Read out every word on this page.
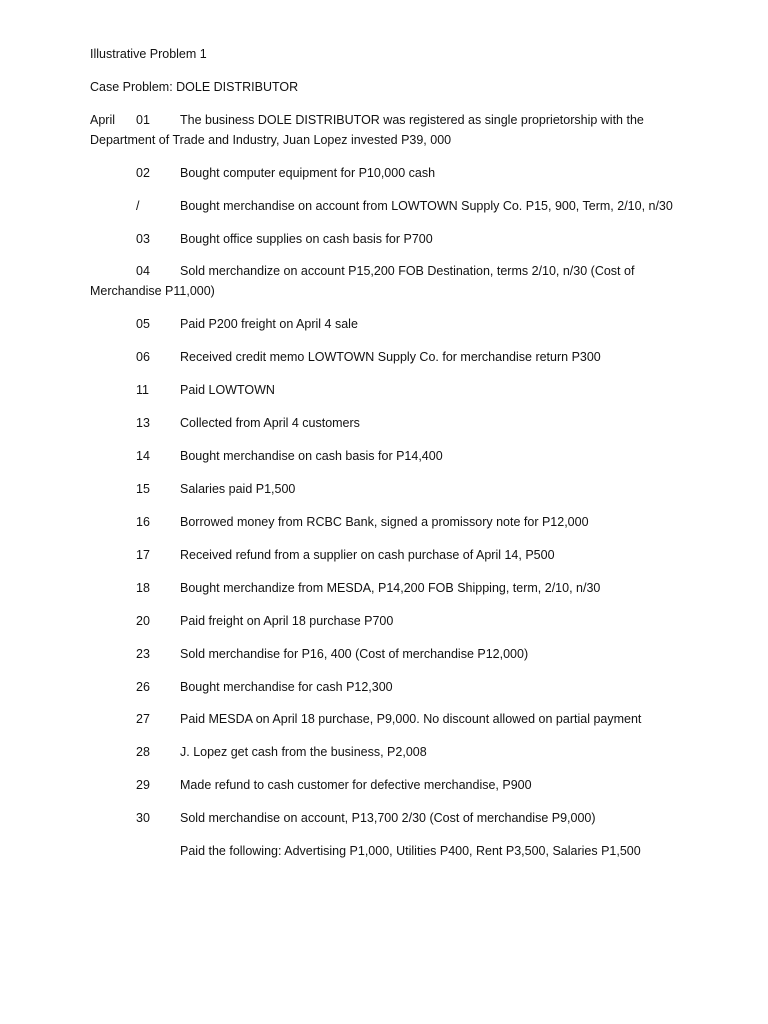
Illustrative Problem 1
Case Problem: DOLE DISTRIBUTOR
April 01	The business DOLE DISTRIBUTOR was registered as single proprietorship with the
Department of Trade and Industry, Juan Lopez invested P39, 000
02	Bought computer equipment for P10,000 cash
/	Bought merchandise on account from LOWTOWN Supply Co. P15, 900, Term, 2/10, n/30
03	Bought office supplies on cash basis for P700
04	Sold merchandize on account P15,200 FOB Destination, terms 2/10, n/30 (Cost of
Merchandise P11,000)
05	Paid P200 freight on April 4 sale
06	Received credit memo LOWTOWN Supply Co. for merchandise return P300
11	Paid LOWTOWN
13	Collected from April 4 customers
14	Bought merchandise on cash basis for P14,400
15	Salaries paid P1,500
16	Borrowed money from RCBC Bank, signed a promissory note for P12,000
17	Received refund from a supplier on cash purchase of April 14, P500
18	Bought merchandize from MESDA, P14,200 FOB Shipping, term, 2/10, n/30
20	Paid freight on April 18 purchase P700
23	Sold merchandise for P16, 400 (Cost of merchandise P12,000)
26	Bought merchandise for cash P12,300
27	Paid MESDA on April 18 purchase, P9,000. No discount allowed on partial payment
28	J. Lopez get cash from the business, P2,008
29	Made refund to cash customer for defective merchandise, P900
30	Sold merchandise on account, P13,700 2/30 (Cost of merchandise P9,000)
Paid the following: Advertising P1,000, Utilities P400, Rent P3,500, Salaries P1,500
